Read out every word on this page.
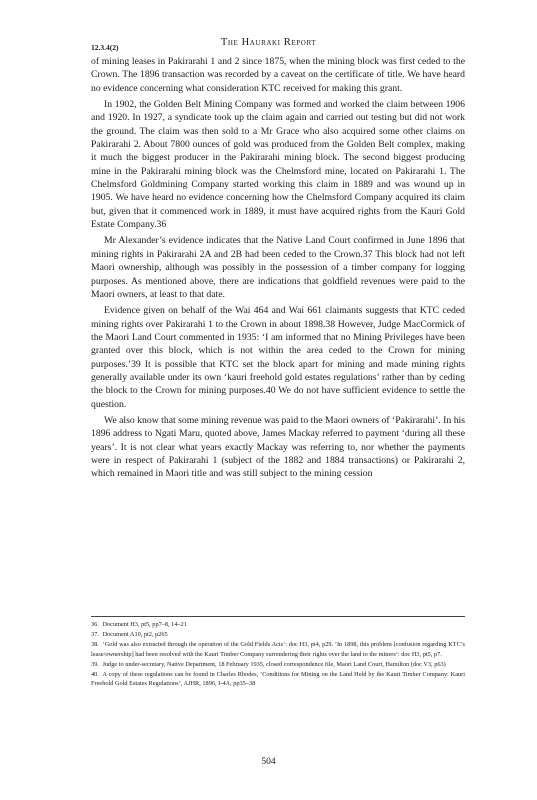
The Hauraki Report
12.3.4(2)

of mining leases in Pakirarahi 1 and 2 since 1875, when the mining block was first ceded to the Crown. The 1896 transaction was recorded by a caveat on the certificate of title. We have heard no evidence concerning what consideration KTC received for making this grant.

In 1902, the Golden Belt Mining Company was formed and worked the claim between 1906 and 1920. In 1927, a syndicate took up the claim again and carried out testing but did not work the ground. The claim was then sold to a Mr Grace who also acquired some other claims on Pakirarahi 2. About 7800 ounces of gold was produced from the Golden Belt complex, making it much the biggest producer in the Pakirarahi mining block. The second biggest producing mine in the Pakirarahi mining block was the Chelmsford mine, located on Pakirarahi 1. The Chelmsford Goldmining Company started working this claim in 1889 and was wound up in 1905. We have heard no evidence concerning how the Chelmsford Company acquired its claim but, given that it commenced work in 1889, it must have acquired rights from the Kauri Gold Estate Company.36

Mr Alexander’s evidence indicates that the Native Land Court confirmed in June 1896 that mining rights in Pakirarahi 2A and 2B had been ceded to the Crown.37 This block had not left Maori ownership, although was possibly in the possession of a timber company for logging purposes. As mentioned above, there are indications that goldfield revenues were paid to the Maori owners, at least to that date.

Evidence given on behalf of the Wai 464 and Wai 661 claimants suggests that KTC ceded mining rights over Pakirarahi 1 to the Crown in about 1898.38 However, Judge MacCormick of the Maori Land Court commented in 1935: ‘I am informed that no Mining Privileges have been granted over this block, which is not within the area ceded to the Crown for mining purposes.’39 It is possible that KTC set the block apart for mining and made mining rights generally available under its own ‘kauri freehold gold estates regulations’ rather than by ceding the block to the Crown for mining purposes.40 We do not have sufficient evidence to settle the question.

We also know that some mining revenue was paid to the Maori owners of ‘Pakirarahi’. In his 1896 address to Ngati Maru, quoted above, James Mackay referred to payment ‘during all these years’. It is not clear what years exactly Mackay was referring to, nor whether the payments were in respect of Pakirarahi 1 (subject of the 1882 and 1884 transactions) or Pakirarahi 2, which remained in Maori title and was still subject to the mining cession

36. Document H3, pt5, pp7–8, 14–21
37. Document A10, pt2, p265
38. ‘Gold was also extracted through the operation of the Gold Fields Acts’: doc H3, pt4, p29. ‘In 1898, this problem [confusion regarding KTC’s lease/ownership] had been resolved with the Kauri Timber Company surrendering their rights over the land to the miners’: doc H3, pt5, p7.
39. Judge to under-secretary, Native Department, 18 February 1935, closed correspondence file, Maori Land Court, Hamilton (doc V3, p63)
40. A copy of these regulations can be found in Charles Rhodes, ‘Conditions for Mining on the Land Held by the Kauri Timber Company: Kauri Freehold Gold Estates Regulations’, AJHR, 1896, I-4A, pp35–38
504
